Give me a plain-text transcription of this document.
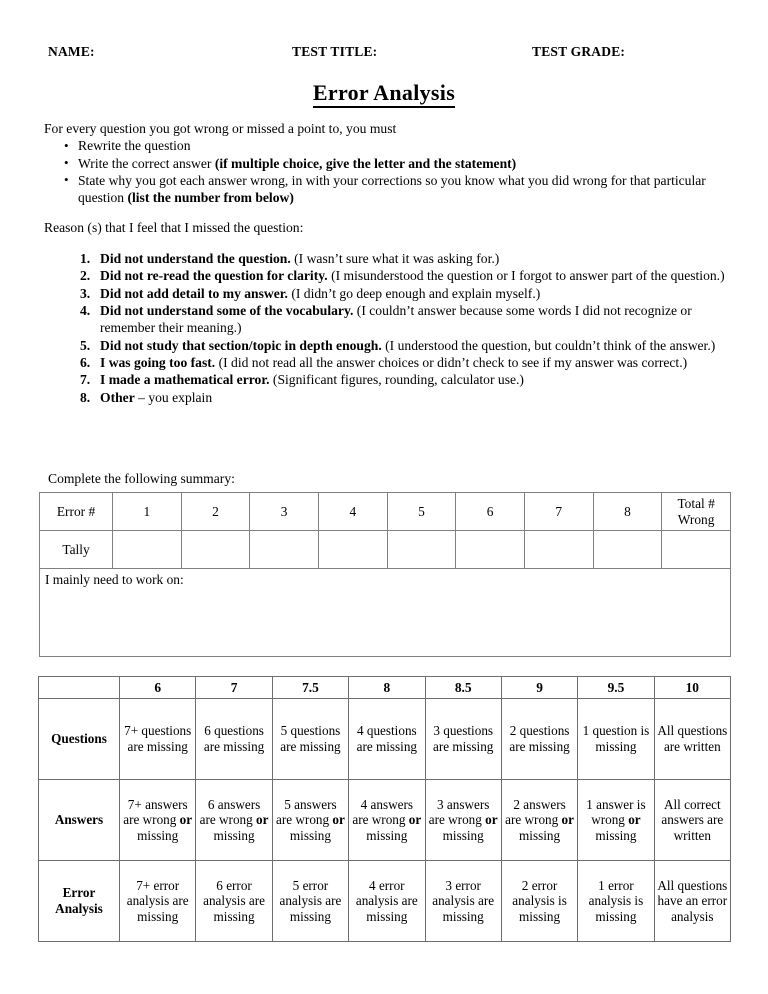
NAME:	TEST TITLE:	TEST GRADE:
Error Analysis

For every question you got wrong or missed a point to, you must

• Rewrite the question
• Write the correct answer (if multiple choice, give the letter and the statement)
• State why you got each answer wrong, in with your corrections so you know what you did wrong for that particular question (list the number from below)

Reason (s) that I feel that I missed the question:

1. Did not understand the question. (I wasn’t sure what it was asking for.)
2. Did not re-read the question for clarity. (I misunderstood the question or I forgot to answer part of the question.)
3. Did not add detail to my answer. (I didn’t go deep enough and explain myself.)
4. Did not understand some of the vocabulary. (I couldn’t answer because some words I did not recognize or remember their meaning.)
5. Did not study that section/topic in depth enough. (I understood the question, but couldn’t think of the answer.)
6. I was going too fast. (I did not read all the answer choices or didn’t check to see if my answer was correct.)
7. I made a mathematical error. (Significant figures, rounding, calculator use.)
8. Other – you explain
Complete the following summary:
Error #	1	2	3	4	5	6	7	8	Total #
Wrong

Tally									
I mainly need to work on:									
	6	7	7.5	8	8.5	9	9.5	10
Questions	7+ questions are missing	6 questions are missing	5 questions are missing	4 questions are missing	3 questions are missing	2 questions are missing	1 question is missing	All questions are written
Answers	7+ answers are wrong or missing	6 answers are wrong or missing	5 answers are wrong or missing	4 answers are wrong or missing	3 answers are wrong or missing	2 answers are wrong or missing	1 answer is wrong or missing	All correct answers are written

Error
Analysis	7+ error analysis are missing	6 error analysis are missing	5 error analysis are missing	4 error analysis are missing	3 error analysis are missing	2 error analysis is missing	1 error analysis is missing	All questions have an error analysis
